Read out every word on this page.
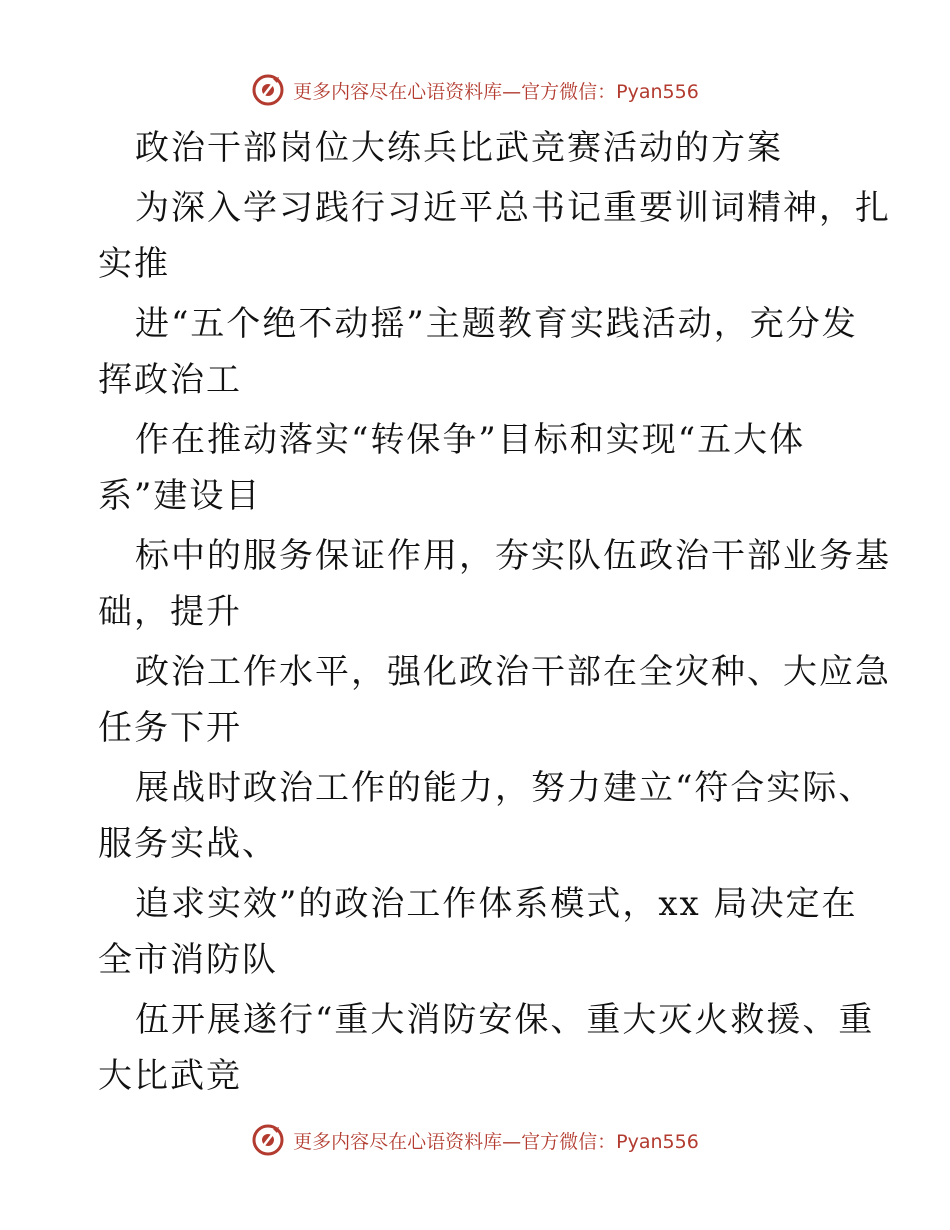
更多内容尽在心语资料库—官方微信：Pyan556
政治干部岗位大练兵比武竞赛活动的方案
为深入学习践行习近平总书记重要训词精神，扎
实推
进“五个绝不动摇”主题教育实践活动，充分发
挥政治工
作在推动落实“转保争”目标和实现“五大体
系”建设目
标中的服务保证作用，夯实队伍政治干部业务基
础，提升
政治工作水平，强化政治干部在全灾种、大应急
任务下开
展战时政治工作的能力，努力建立“符合实际、
服务实战、
追求实效”的政治工作体系模式，xx 局决定在
全市消防队
伍开展遂行“重大消防安保、重大灭火救援、重
大比武竞
更多内容尽在心语资料库—官方微信：Pyan556
